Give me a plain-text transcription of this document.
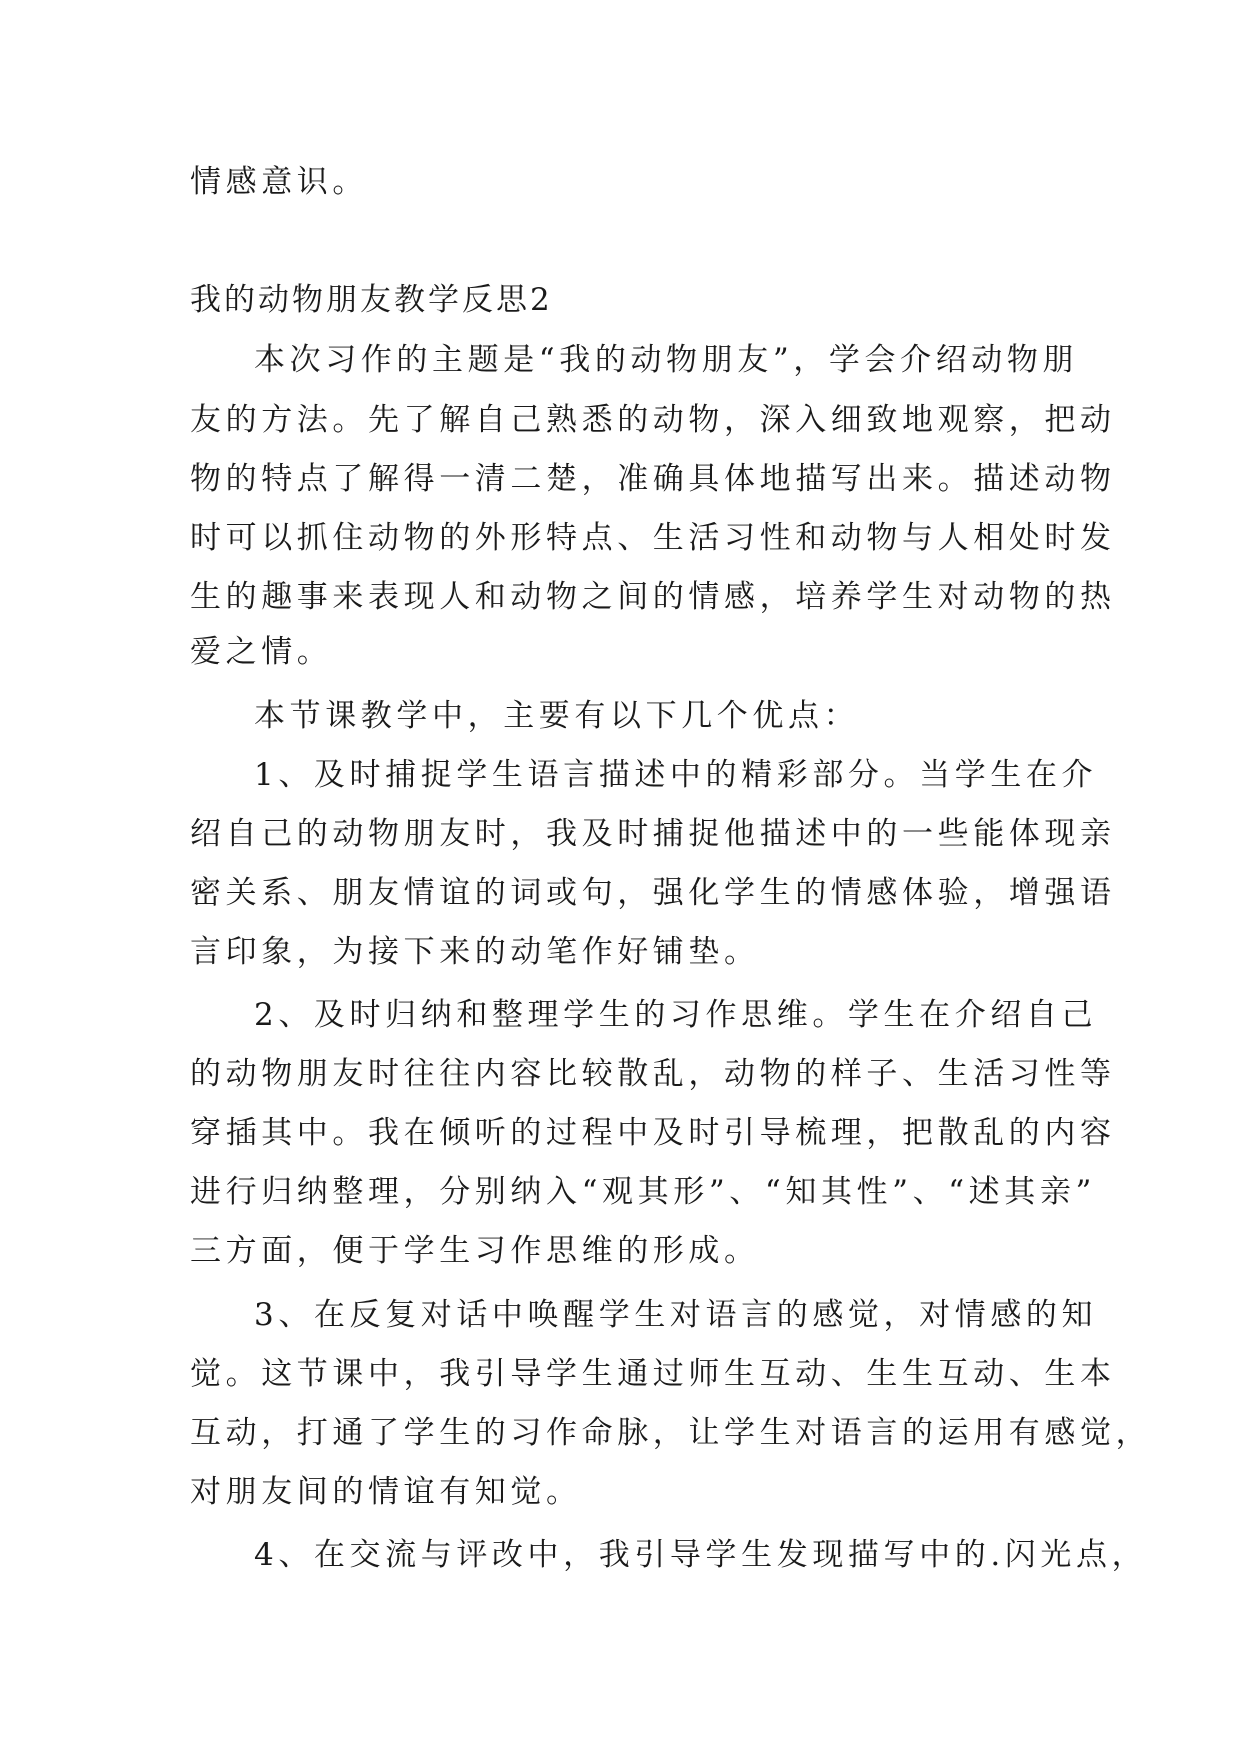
情感意识。
我的动物朋友教学反思2
本次习作的主题是“我的动物朋友”，学会介绍动物朋
友的方法。先了解自己熟悉的动物，深入细致地观察，把动
物的特点了解得一清二楚，准确具体地描写出来。描述动物
时可以抓住动物的外形特点、生活习性和动物与人相处时发
生的趣事来表现人和动物之间的情感，培养学生对动物的热
爱之情。
本节课教学中，主要有以下几个优点：
1、及时捕捉学生语言描述中的精彩部分。当学生在介
绍自己的动物朋友时，我及时捕捉他描述中的一些能体现亲
密关系、朋友情谊的词或句，强化学生的情感体验，增强语
言印象，为接下来的动笔作好铺垫。
2、及时归纳和整理学生的习作思维。学生在介绍自己
的动物朋友时往往内容比较散乱，动物的样子、生活习性等
穿插其中。我在倾听的过程中及时引导梳理，把散乱的内容
进行归纳整理，分别纳入“观其形”、“知其性”、“述其亲”
三方面，便于学生习作思维的形成。
3、在反复对话中唤醒学生对语言的感觉，对情感的知
觉。这节课中，我引导学生通过师生互动、生生互动、生本
互动，打通了学生的习作命脉，让学生对语言的运用有感觉，
对朋友间的情谊有知觉。
4、在交流与评改中，我引导学生发现描写中的.闪光点，
